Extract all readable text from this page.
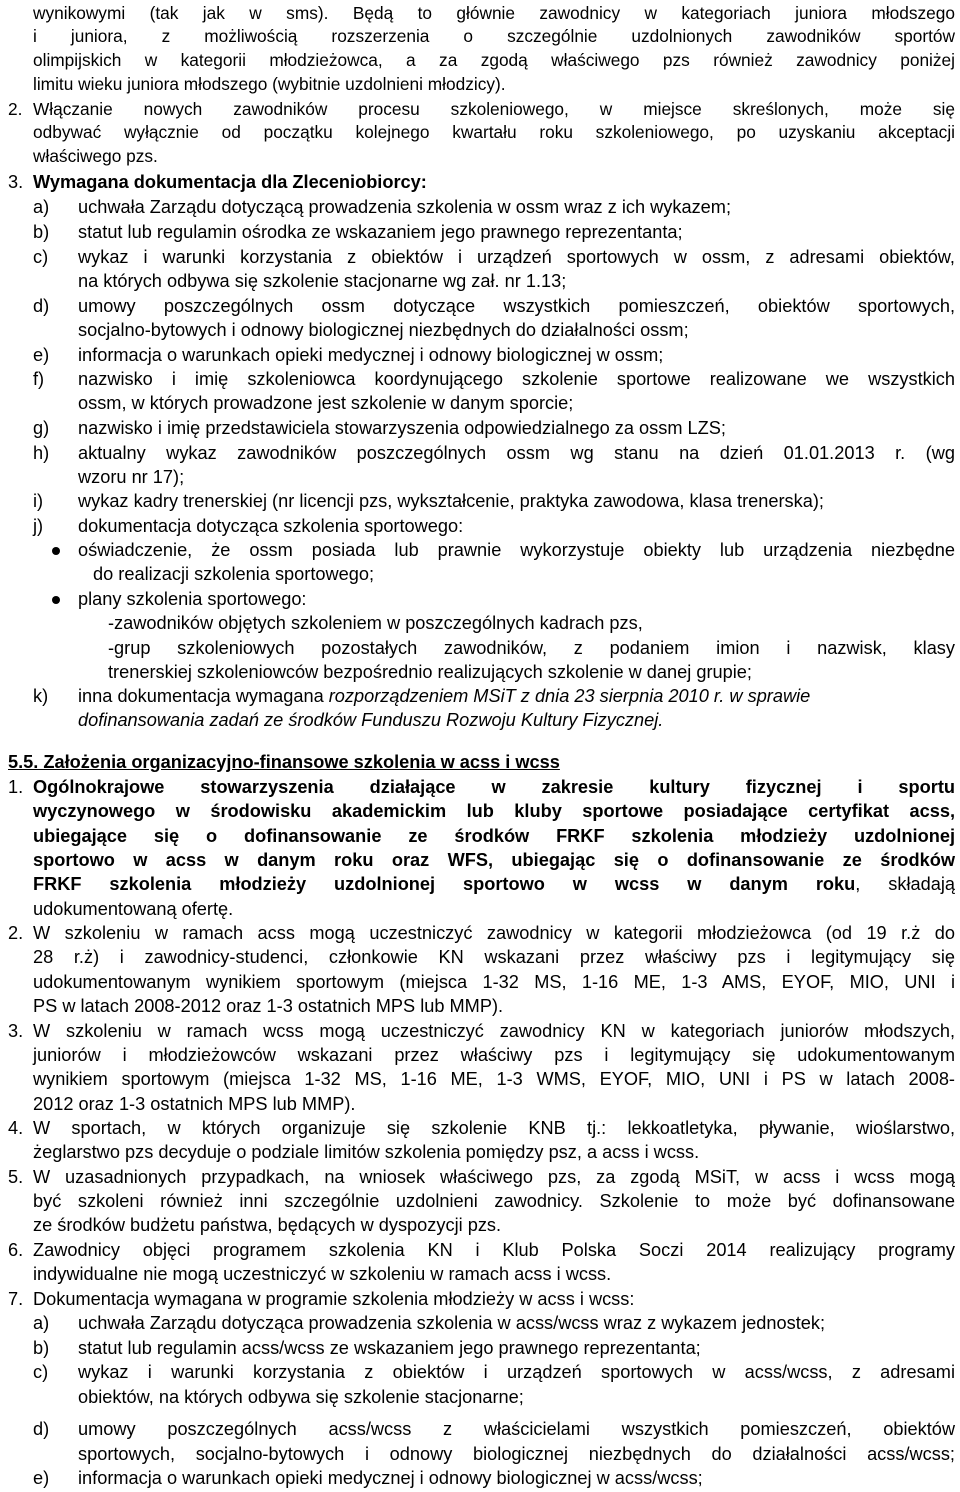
wynikowymi (tak jak w sms). Będą to głównie zawodnicy w kategoriach juniora młodszego
i juniora, z możliwością rozszerzenia o szczególnie uzdolnionych zawodników sportów
olimpijskich w kategorii młodzieżowca, a za zgodą właściwego pzs również zawodnicy poniżej
limitu wieku juniora młodszego (wybitnie uzdolnieni młodzicy).
2. Włączanie nowych zawodników procesu szkoleniowego, w miejsce skreślonych, może się
odbywać wyłącznie od początku kolejnego kwartału roku szkoleniowego, po uzyskaniu akceptacji
właściwego pzs.
3. Wymagana dokumentacja dla Zleceniobiorcy:
a) uchwała Zarządu dotyczącą prowadzenia szkolenia w ossm wraz z ich wykazem;
b) statut lub regulamin ośrodka ze wskazaniem jego prawnego reprezentanta;
c) wykaz i warunki korzystania z obiektów i urządzeń sportowych w ossm, z adresami obiektów,
na których odbywa się szkolenie stacjonarne wg zał. nr 1.13;
d) umowy poszczególnych ossm dotyczące wszystkich pomieszczeń, obiektów sportowych,
socjalno-bytowych i odnowy biologicznej niezbędnych do działalności ossm;
e) informacja o warunkach opieki medycznej i odnowy biologicznej w ossm;
f) nazwisko i imię szkoleniowca koordynującego szkolenie sportowe realizowane we wszystkich
ossm, w których prowadzone jest szkolenie w danym sporcie;
g) nazwisko i imię przedstawiciela stowarzyszenia odpowiedzialnego za ossm LZS;
h) aktualny wykaz zawodników poszczególnych ossm wg stanu na dzień 01.01.2013 r. (wg
wzoru nr 17);
i) wykaz kadry trenerskiej (nr licencji pzs, wykształcenie, praktyka zawodowa, klasa trenerska);
j) dokumentacja dotycząca szkolenia sportowego:
oświadczenie, że ossm posiada lub prawnie wykorzystuje obiekty lub urządzenia niezbędne
do realizacji szkolenia sportowego;
plany szkolenia sportowego:
-zawodników objętych szkoleniem w poszczególnych kadrach pzs,
-grup szkoleniowych pozostałych zawodników, z podaniem imion i nazwisk, klasy
trenerskiej szkoleniowców bezpośrednio realizujących szkolenie w danej grupie;
k) inna dokumentacja wymagana rozporządzeniem MSiT z dnia 23 sierpnia 2010 r. w sprawie
dofinansowania zadań ze środków Funduszu Rozwoju Kultury Fizycznej.
5.5. Założenia organizacyjno-finansowe szkolenia w acss i wcss
1. Ogólnokrajowe stowarzyszenia działające w zakresie kultury fizycznej i sportu
wyczynowego w środowisku akademickim lub kluby sportowe posiadające certyfikat acss,
ubiegające się o dofinansowanie ze środków FRKF szkolenia młodzieży uzdolnionej
sportowo w acss w danym roku oraz WFS, ubiegając się o dofinansowanie ze środków
FRKF szkolenia młodzieży uzdolnionej sportowo w wcss w danym roku, składają
udokumentowaną ofertę.
2. W szkoleniu w ramach acss mogą uczestniczyć zawodnicy w kategorii młodzieżowca (od 19 r.ż do
28 r.ż) i zawodnicy-studenci, członkowie KN wskazani przez właściwy pzs i legitymujący się
udokumentowanym wynikiem sportowym (miejsca 1-32 MS, 1-16 ME, 1-3 AMS, EYOF, MIO, UNI i
PS w latach 2008-2012 oraz 1-3 ostatnich MPS lub MMP).
3. W szkoleniu w ramach wcss mogą uczestniczyć zawodnicy KN w kategoriach juniorów młodszych,
juniorów i młodzieżowców wskazani przez właściwy pzs i legitymujący się udokumentowanym
wynikiem sportowym (miejsca 1-32 MS, 1-16 ME, 1-3 WMS, EYOF, MIO, UNI i PS w latach 2008-
2012 oraz 1-3 ostatnich MPS lub MMP).
4. W sportach, w których organizuje się szkolenie KNB tj.: lekkoatletyka, pływanie, wioślarstwo,
żeglarstwo pzs decyduje o podziale limitów szkolenia pomiędzy psz, a acss i wcss.
5. W uzasadnionych przypadkach, na wniosek właściwego pzs, za zgodą MSiT, w acss i wcss mogą
być szkoleni również inni szczególnie uzdolnieni zawodnicy. Szkolenie to może być dofinansowane
ze środków budżetu państwa, będących w dyspozycji pzs.
6. Zawodnicy objęci programem szkolenia KN i Klub Polska Soczi 2014 realizujący programy
indywidualne nie mogą uczestniczyć w szkoleniu w ramach acss i wcss.
7. Dokumentacja wymagana w programie szkolenia młodzieży w acss i wcss:
a) uchwała Zarządu dotycząca prowadzenia szkolenia w acss/wcss wraz z wykazem jednostek;
b) statut lub regulamin acss/wcss ze wskazaniem jego prawnego reprezentanta;
c) wykaz i warunki korzystania z obiektów i urządzeń sportowych w acss/wcss, z adresami
obiektów, na których odbywa się szkolenie stacjonarne;
d) umowy poszczególnych acss/wcss z właścicielami wszystkich pomieszczeń, obiektów
sportowych, socjalno-bytowych i odnowy biologicznej niezbędnych do działalności acss/wcss;
e) informacja o warunkach opieki medycznej i odnowy biologicznej w acss/wcss;
